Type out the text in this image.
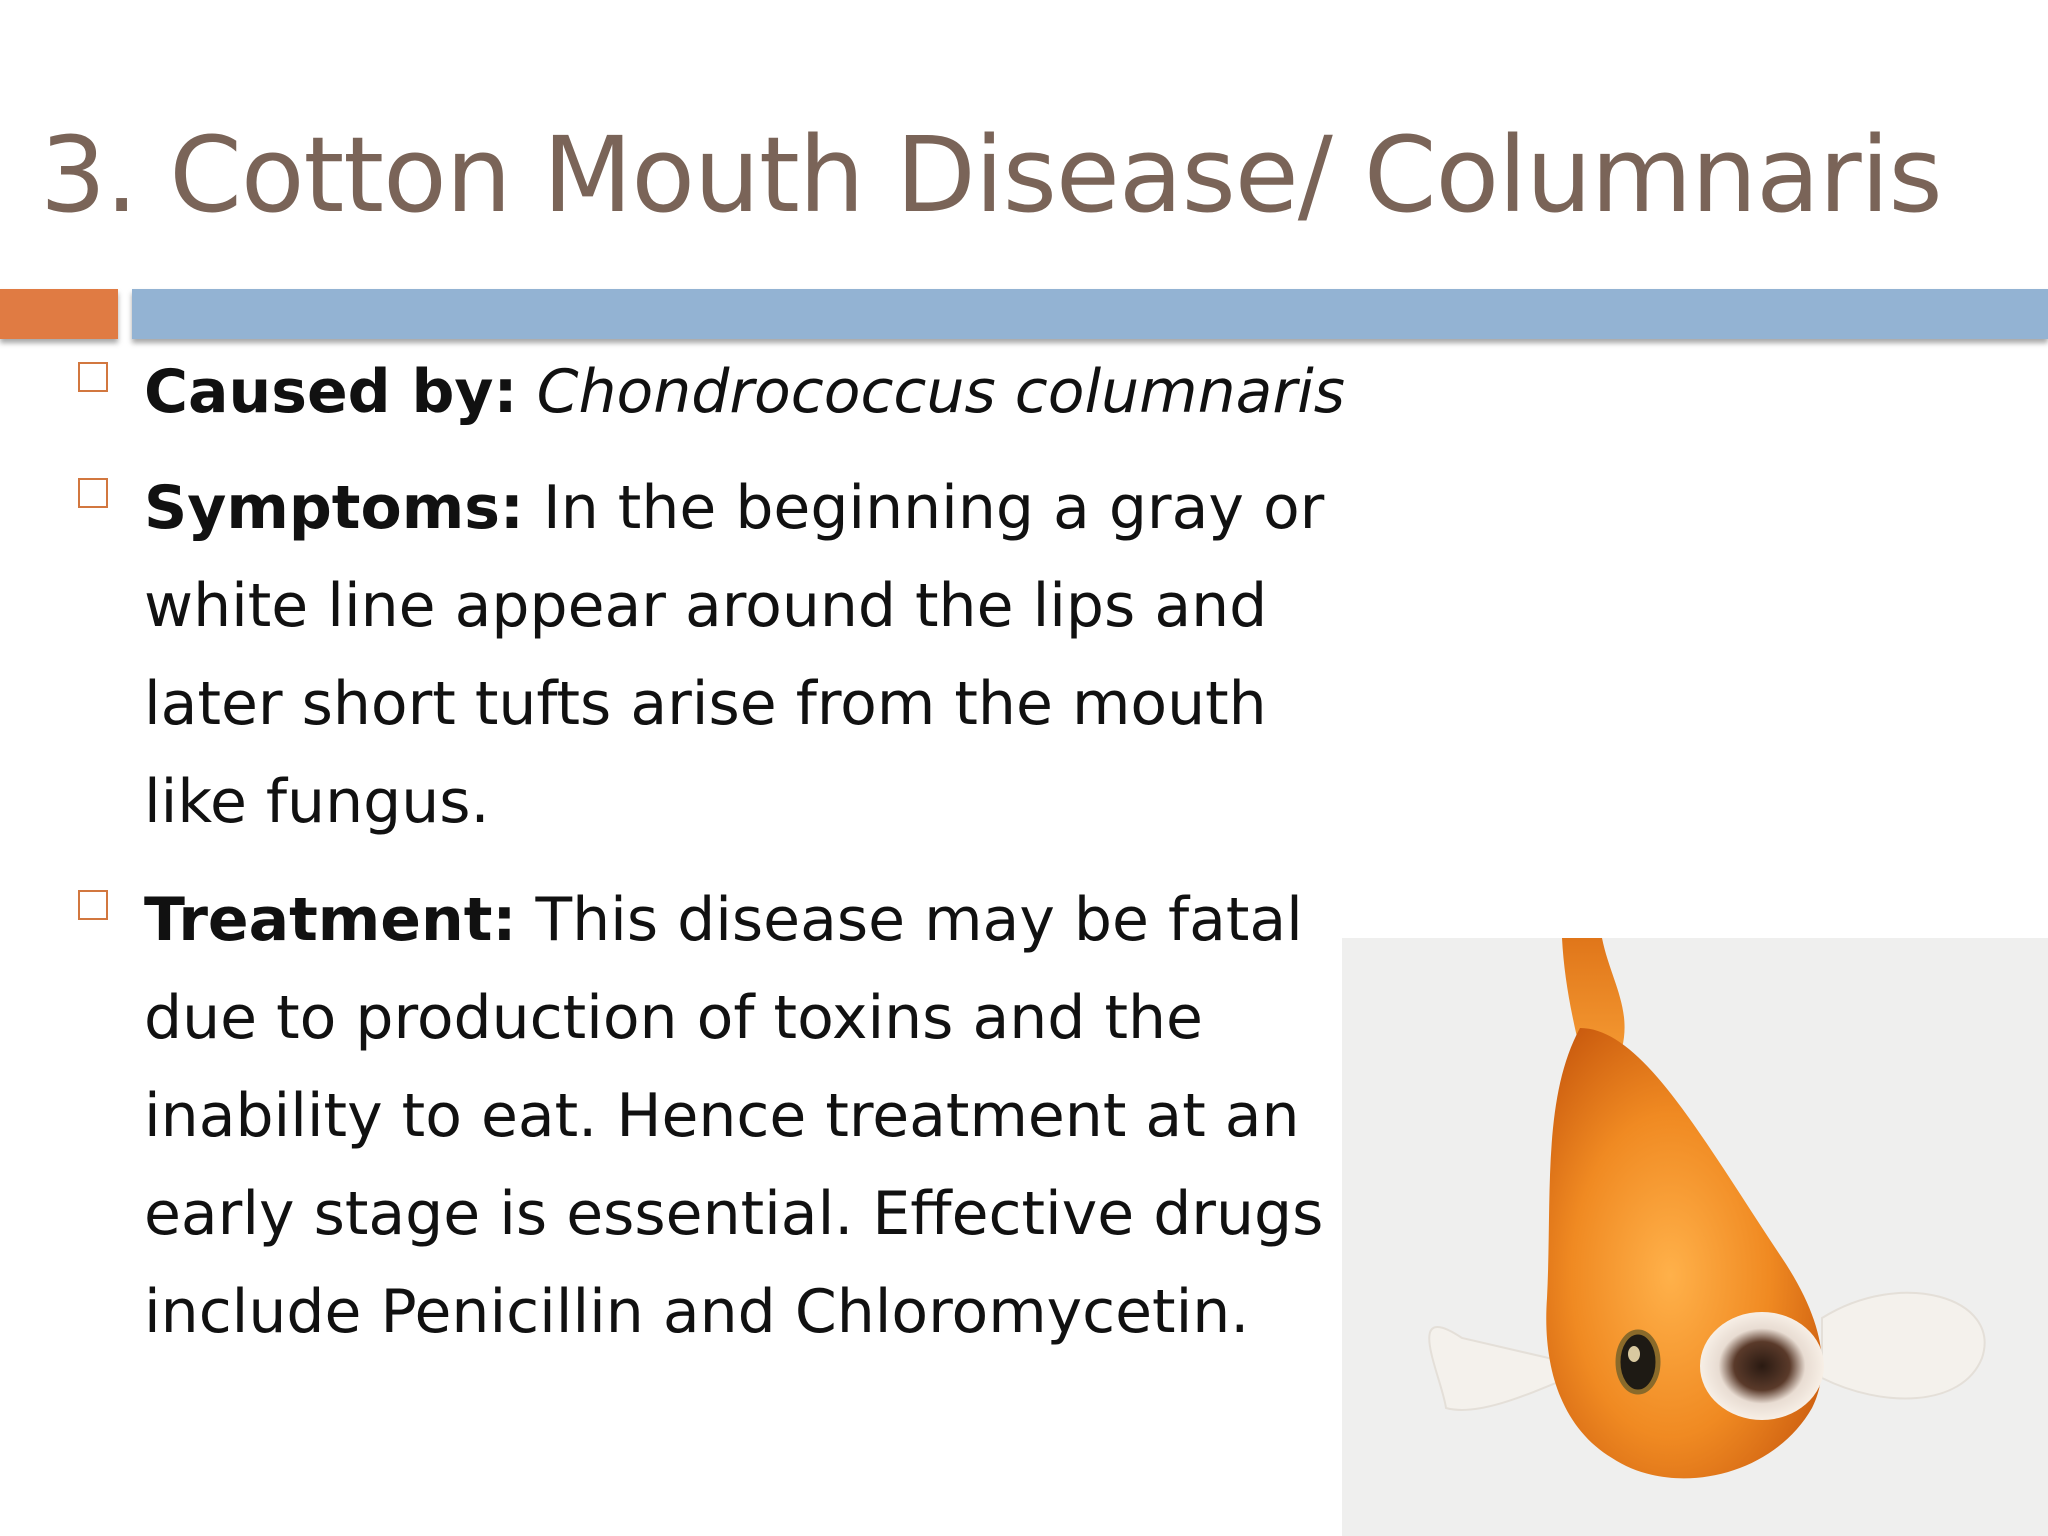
3. Cotton Mouth Disease/ Columnaris

Caused by: Chondrococcus columnaris

Symptoms: In the beginning a gray or white line appear around the lips and later short tufts arise from the mouth like fungus.

Treatment: This disease may be fatal due to production of toxins and the inability to eat. Hence treatment at an early stage is essential. Effective drugs include Penicillin and Chloromycetin.
